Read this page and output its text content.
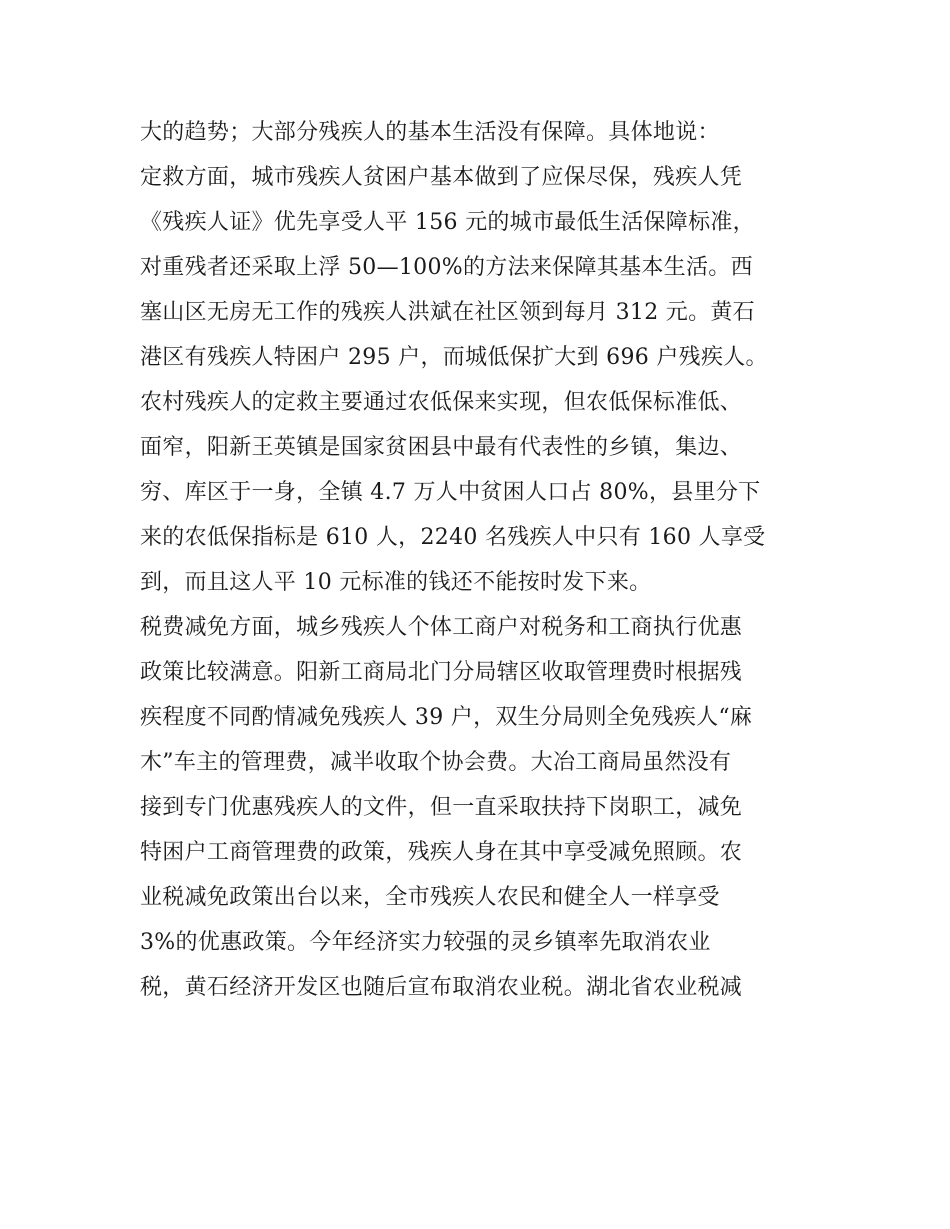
大的趋势；大部分残疾人的基本生活没有保障。具体地说：
定救方面，城市残疾人贫困户基本做到了应保尽保，残疾人凭
《残疾人证》优先享受人平 156 元的城市最低生活保障标准，
对重残者还采取上浮 50—100%的方法来保障其基本生活。西
塞山区无房无工作的残疾人洪斌在社区领到每月 312 元。黄石
港区有残疾人特困户 295 户，而城低保扩大到 696 户残疾人。
农村残疾人的定救主要通过农低保来实现，但农低保标准低、
面窄，阳新王英镇是国家贫困县中最有代表性的乡镇，集边、
穷、库区于一身，全镇 4.7 万人中贫困人口占 80%，县里分下
来的农低保指标是 610 人，2240 名残疾人中只有 160 人享受
到，而且这人平 10 元标准的钱还不能按时发下来。
税费减免方面，城乡残疾人个体工商户对税务和工商执行优惠
政策比较满意。阳新工商局北门分局辖区收取管理费时根据残
疾程度不同酌情减免残疾人 39 户，双生分局则全免残疾人“麻
木”车主的管理费，减半收取个协会费。大冶工商局虽然没有
接到专门优惠残疾人的文件，但一直采取扶持下岗职工，减免
特困户工商管理费的政策，残疾人身在其中享受减免照顾。农
业税减免政策出台以来，全市残疾人农民和健全人一样享受
3%的优惠政策。今年经济实力较强的灵乡镇率先取消农业
税，黄石经济开发区也随后宣布取消农业税。湖北省农业税减
